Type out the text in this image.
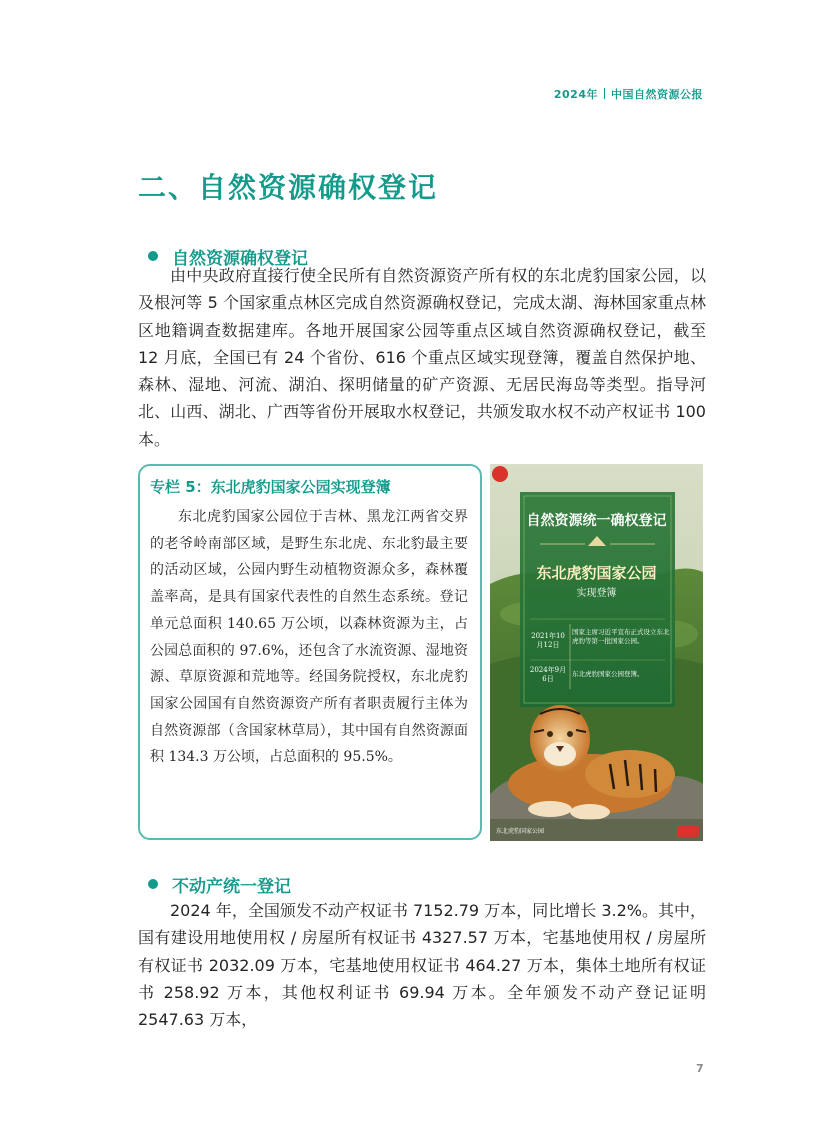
2024年 中国自然资源公报
二、自然资源确权登记
自然资源确权登记

由中央政府直接行使全民所有自然资源资产所有权的东北虎豹国家公园，以及根河等 5 个国家重点林区完成自然资源确权登记，完成太湖、海林国家重点林区地籍调查数据建库。各地开展国家公园等重点区域自然资源确权登记，截至 12 月底，全国已有 24 个省份、616 个重点区域实现登簿，覆盖自然保护地、森林、湿地、河流、湖泊、探明储量的矿产资源、无居民海岛等类型。指导河北、山西、湖北、广西等省份开展取水权登记，共颁发取水权不动产权证书 100 本。

专栏 5：东北虎豹国家公园实现登簿

东北虎豹国家公园位于吉林、黑龙江两省交界的老爷岭南部区域，是野生东北虎、东北豹最主要的活动区域，公园内野生动植物资源众多，森林覆盖率高，是具有国家代表性的自然生态系统。登记单元总面积 140.65 万公顷，以森林资源为主，占公园总面积的 97.6%，还包含了水流资源、湿地资源、草原资源和荒地等。经国务院授权，东北虎豹国家公园国有自然资源资产所有者职责履行主体为自然资源部（含国家林草局），其中国有自然资源面积 134.3 万公顷，占总面积的 95.5%。

自然资源统一确权登记
东北虎豹国家公园
实现登簿
2021年10月12日
国家主席习近平宣布正式设立东北虎豹等第一批国家公园。
2024年9月6日
东北虎豹国家公园登簿。
东北虎豹国家公园
不动产统一登记

2024 年，全国颁发不动产权证书 7152.79 万本，同比增长 3.2%。其中，国有建设用地使用权 / 房屋所有权证书 4327.57 万本，宅基地使用权 / 房屋所有权证书 2032.09 万本，宅基地使用权证书 464.27 万本，集体土地所有权证书 258.92 万本，其他权利证书 69.94 万本。全年颁发不动产登记证明 2547.63 万本，

7
